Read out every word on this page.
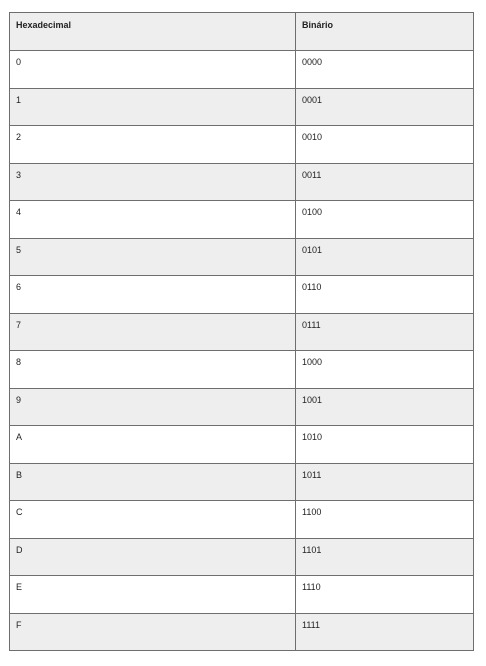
Hexadecimal	Binário
0	0000
1	0001
2	0010
3	0011
4	0100
5	0101
6	0110
7	0111
8	1000
9	1001
A	1010
B	1011
C	1100
D	1101
E	1110
F	1111
